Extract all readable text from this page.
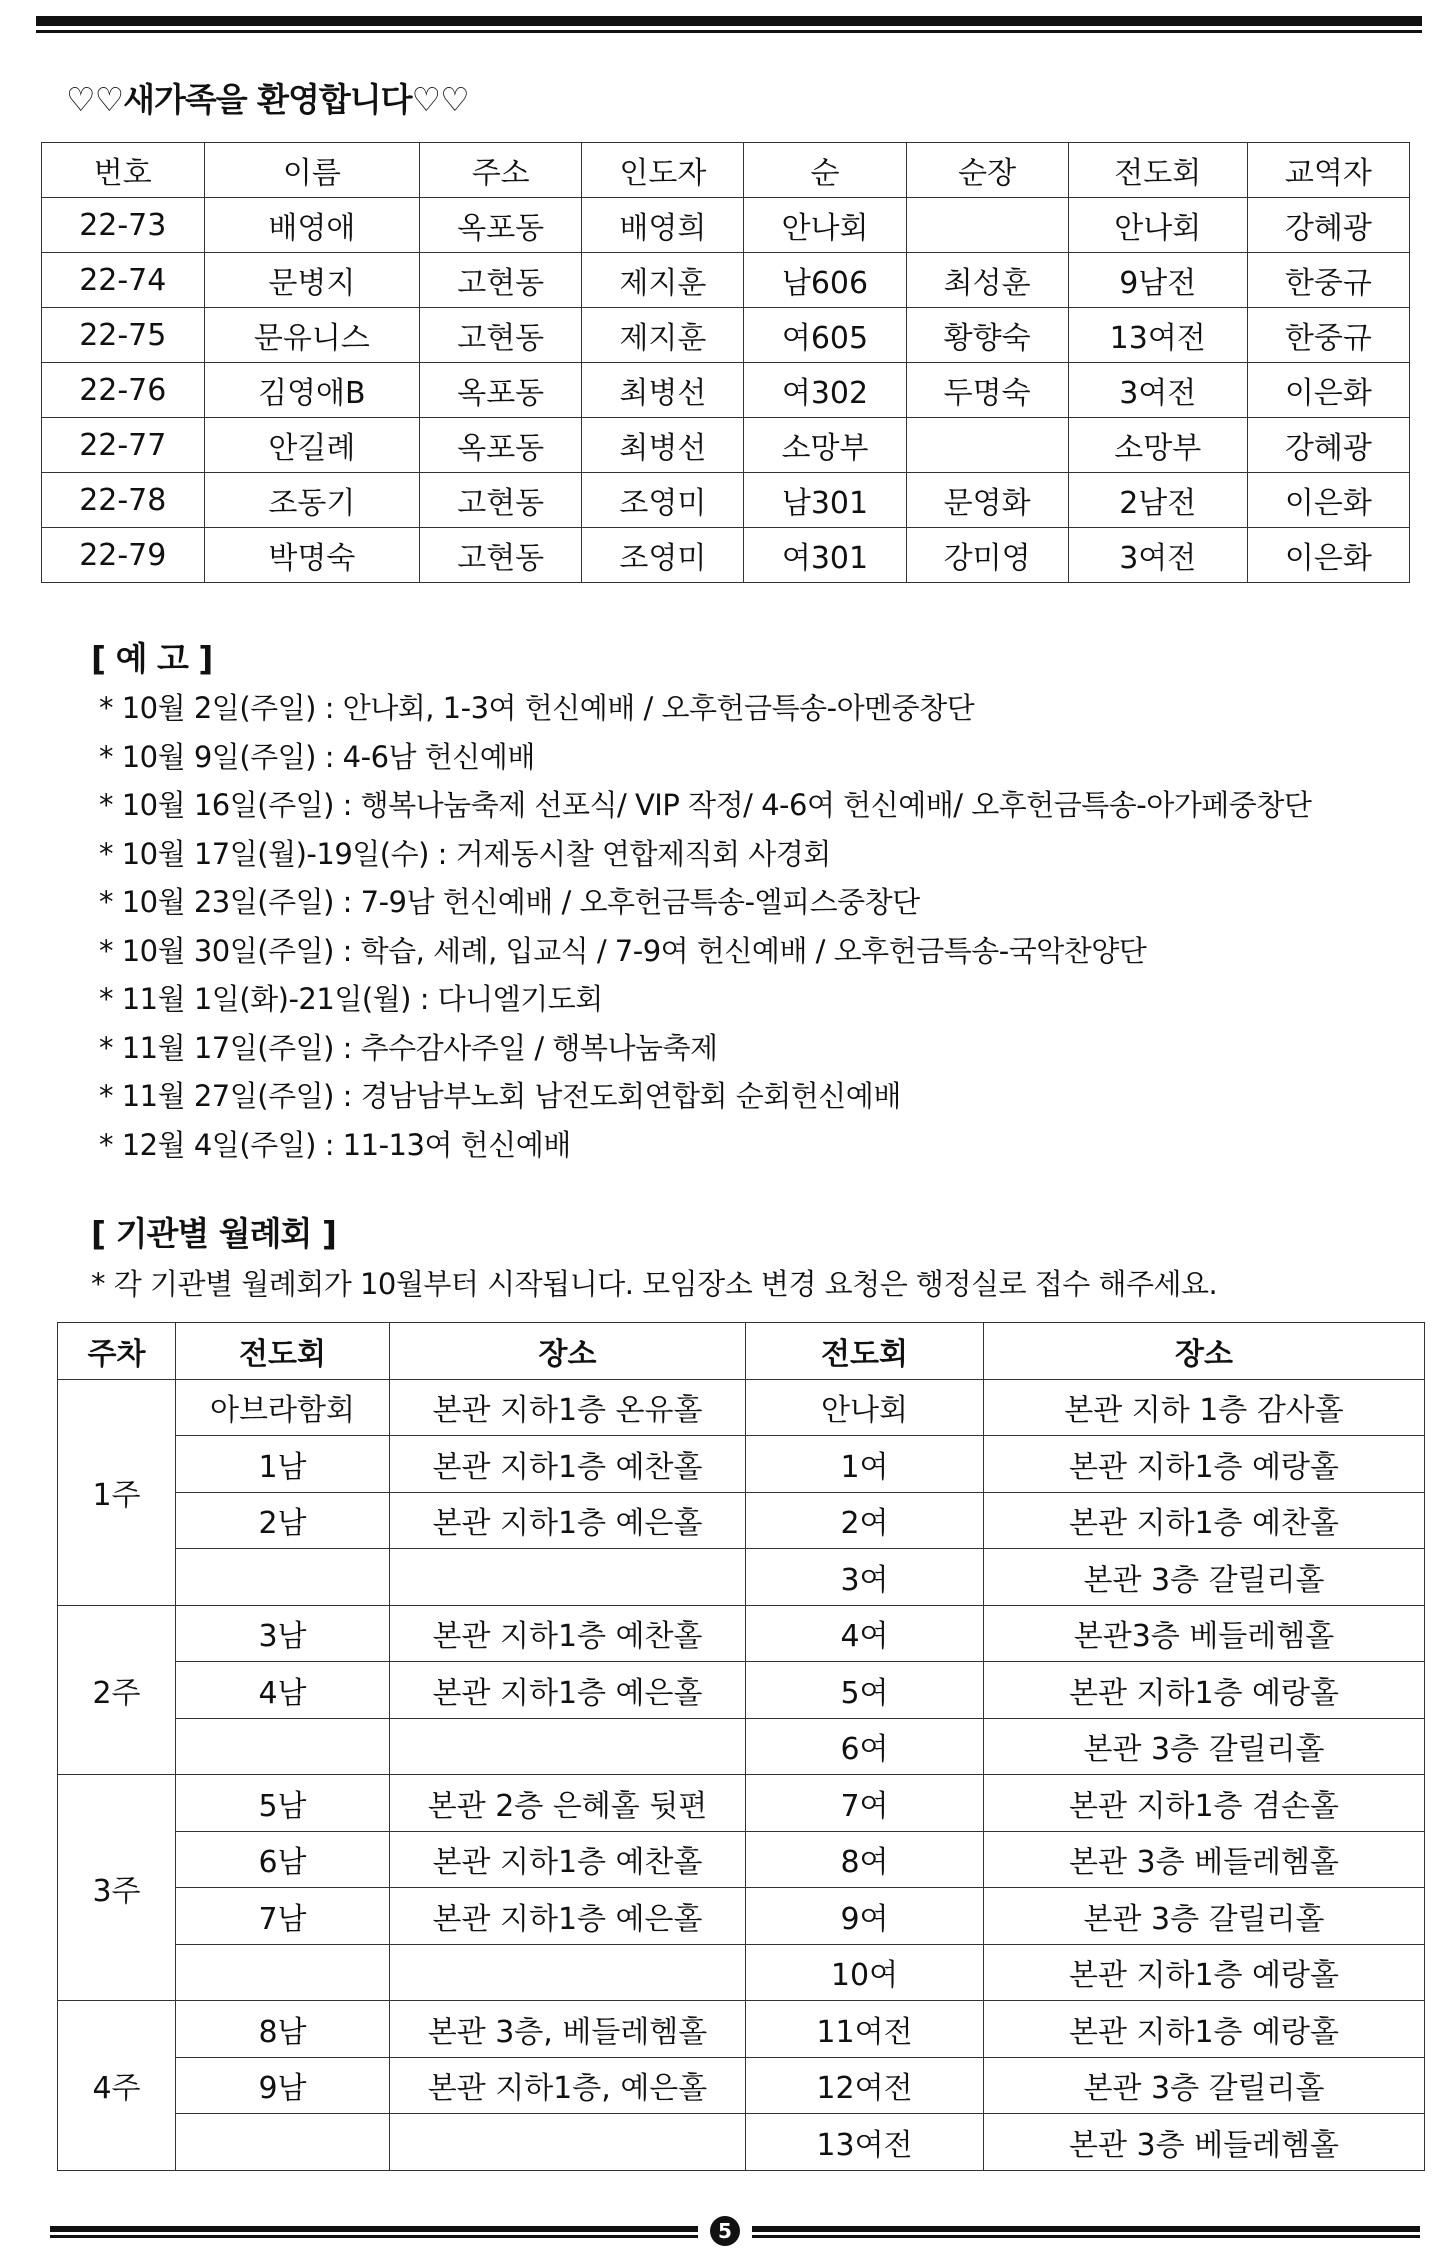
♡♡새가족을 환영합니다♡♡
번호	이름	주소	인도자	순	순장	전도회	교역자
22-73	배영애	옥포동	배영희	안나회		안나회	강혜광
22-74	문병지	고현동	제지훈	남606	최성훈	9남전	한중규
22-75	문유니스	고현동	제지훈	여605	황향숙	13여전	한중규
22-76	김영애B	옥포동	최병선	여302	두명숙	3여전	이은화
22-77	안길례	옥포동	최병선	소망부		소망부	강혜광
22-78	조동기	고현동	조영미	남301	문영화	2남전	이은화
22-79	박명숙	고현동	조영미	여301	강미영	3여전	이은화
[ 예 고 ]
* 10월 2일(주일) : 안나회, 1-3여 헌신예배 / 오후헌금특송-아멘중창단
* 10월 9일(주일) : 4-6남 헌신예배
* 10월 16일(주일) : 행복나눔축제 선포식/ VIP 작정/ 4-6여 헌신예배/ 오후헌금특송-아가페중창단
* 10월 17일(월)-19일(수) : 거제동시찰 연합제직회 사경회
* 10월 23일(주일) : 7-9남 헌신예배 / 오후헌금특송-엘피스중창단
* 10월 30일(주일) : 학습, 세례, 입교식 / 7-9여 헌신예배 / 오후헌금특송-국악찬양단
* 11월 1일(화)-21일(월) : 다니엘기도회
* 11월 17일(주일) : 추수감사주일 / 행복나눔축제
* 11월 27일(주일) : 경남남부노회 남전도회연합회 순회헌신예배
* 12월 4일(주일) : 11-13여 헌신예배
[ 기관별 월례회 ]
* 각 기관별 월례회가 10월부터 시작됩니다. 모임장소 변경 요청은 행정실로 접수 해주세요.
주차	전도회	장소	전도회	장소
1주	아브라함회	본관 지하1층 온유홀	안나회	본관 지하 1층 감사홀
	1남	본관 지하1층 예찬홀	1여	본관 지하1층 예랑홀
	2남	본관 지하1층 예은홀	2여	본관 지하1층 예찬홀
			3여	본관 3층 갈릴리홀
2주	3남	본관 지하1층 예찬홀	4여	본관3층 베들레헴홀
	4남	본관 지하1층 예은홀	5여	본관 지하1층 예랑홀
			6여	본관 3층 갈릴리홀
3주	5남	본관 2층 은혜홀 뒷편	7여	본관 지하1층 겸손홀
	6남	본관 지하1층 예찬홀	8여	본관 3층 베들레헴홀
	7남	본관 지하1층 예은홀	9여	본관 3층 갈릴리홀
			10여	본관 지하1층 예랑홀
4주	8남	본관 3층, 베들레헴홀	11여전	본관 지하1층 예랑홀
	9남	본관 지하1층, 예은홀	12여전	본관 3층 갈릴리홀
			13여전	본관 3층 베들레헴홀
5
